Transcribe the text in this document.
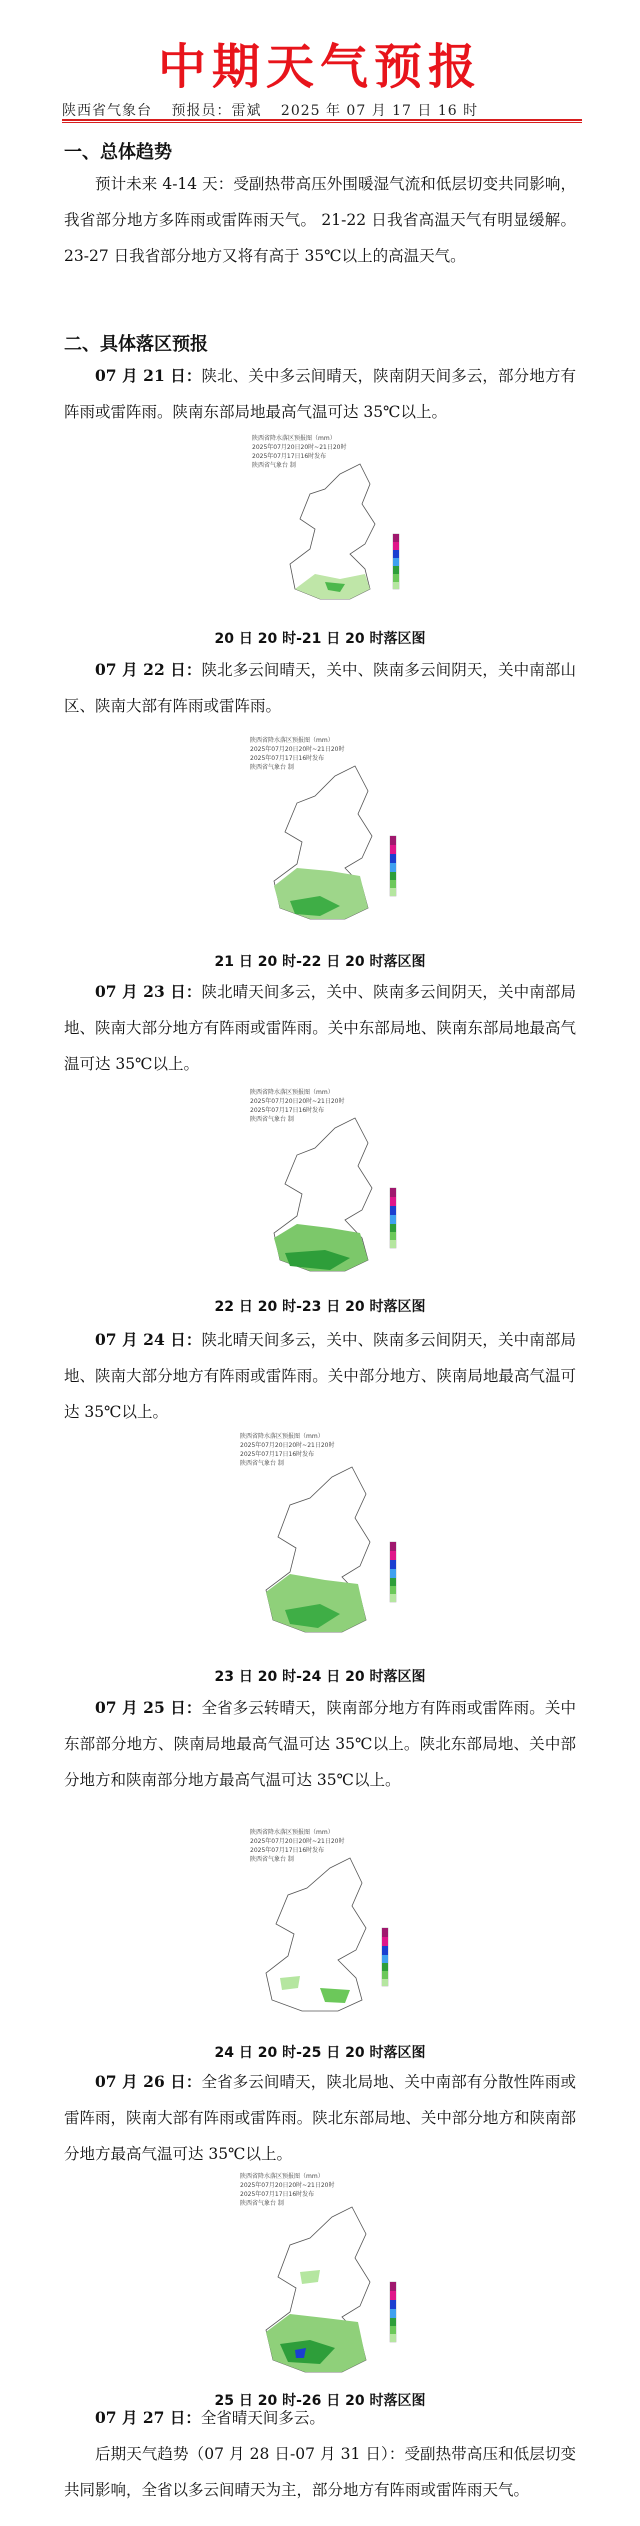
中期天气预报
陕西省气象台 预报员：雷斌 2025 年 07 月 17 日 16 时
一、总体趋势
预计未来 4-14 天：受副热带高压外围暖湿气流和低层切变共同影响，我省部分地方多阵雨或雷阵雨天气。 21-22 日我省高温天气有明显缓解。23-27 日我省部分地方又将有高于 35℃以上的高温天气。
二、具体落区预报
07 月 21 日：陕北、关中多云间晴天，陕南阴天间多云，部分地方有阵雨或雷阵雨。陕南东部局地最高气温可达 35℃以上。
陕西省降水落区预报图（mm）
2025年07月20日20时~21日20时
2025年07月17日16时发布
陕西省气象台 制
20 日 20 时-21 日 20 时落区图
07 月 22 日：陕北多云间晴天，关中、陕南多云间阴天，关中南部山区、陕南大部有阵雨或雷阵雨。
陕西省降水落区预报图（mm）
2025年07月20日20时~21日20时
2025年07月17日16时发布
陕西省气象台 制
21 日 20 时-22 日 20 时落区图
07 月 23 日：陕北晴天间多云，关中、陕南多云间阴天，关中南部局地、陕南大部分地方有阵雨或雷阵雨。关中东部局地、陕南东部局地最高气温可达 35℃以上。
陕西省降水落区预报图（mm）
2025年07月20日20时~21日20时
2025年07月17日16时发布
陕西省气象台 制
22 日 20 时-23 日 20 时落区图
07 月 24 日：陕北晴天间多云，关中、陕南多云间阴天，关中南部局地、陕南大部分地方有阵雨或雷阵雨。关中部分地方、陕南局地最高气温可达 35℃以上。
陕西省降水落区预报图（mm）
2025年07月20日20时~21日20时
2025年07月17日16时发布
陕西省气象台 制
23 日 20 时-24 日 20 时落区图
07 月 25 日：全省多云转晴天，陕南部分地方有阵雨或雷阵雨。关中东部部分地方、陕南局地最高气温可达 35℃以上。陕北东部局地、关中部分地方和陕南部分地方最高气温可达 35℃以上。
陕西省降水落区预报图（mm）
2025年07月20日20时~21日20时
2025年07月17日16时发布
陕西省气象台 制
24 日 20 时-25 日 20 时落区图
07 月 26 日：全省多云间晴天，陕北局地、关中南部有分散性阵雨或雷阵雨，陕南大部有阵雨或雷阵雨。陕北东部局地、关中部分地方和陕南部分地方最高气温可达 35℃以上。
陕西省降水落区预报图（mm）
2025年07月20日20时~21日20时
2025年07月17日16时发布
陕西省气象台 制
25 日 20 时-26 日 20 时落区图
07 月 27 日：全省晴天间多云。
后期天气趋势（07 月 28 日-07 月 31 日）：受副热带高压和低层切变共同影响，全省以多云间晴天为主，部分地方有阵雨或雷阵雨天气。
